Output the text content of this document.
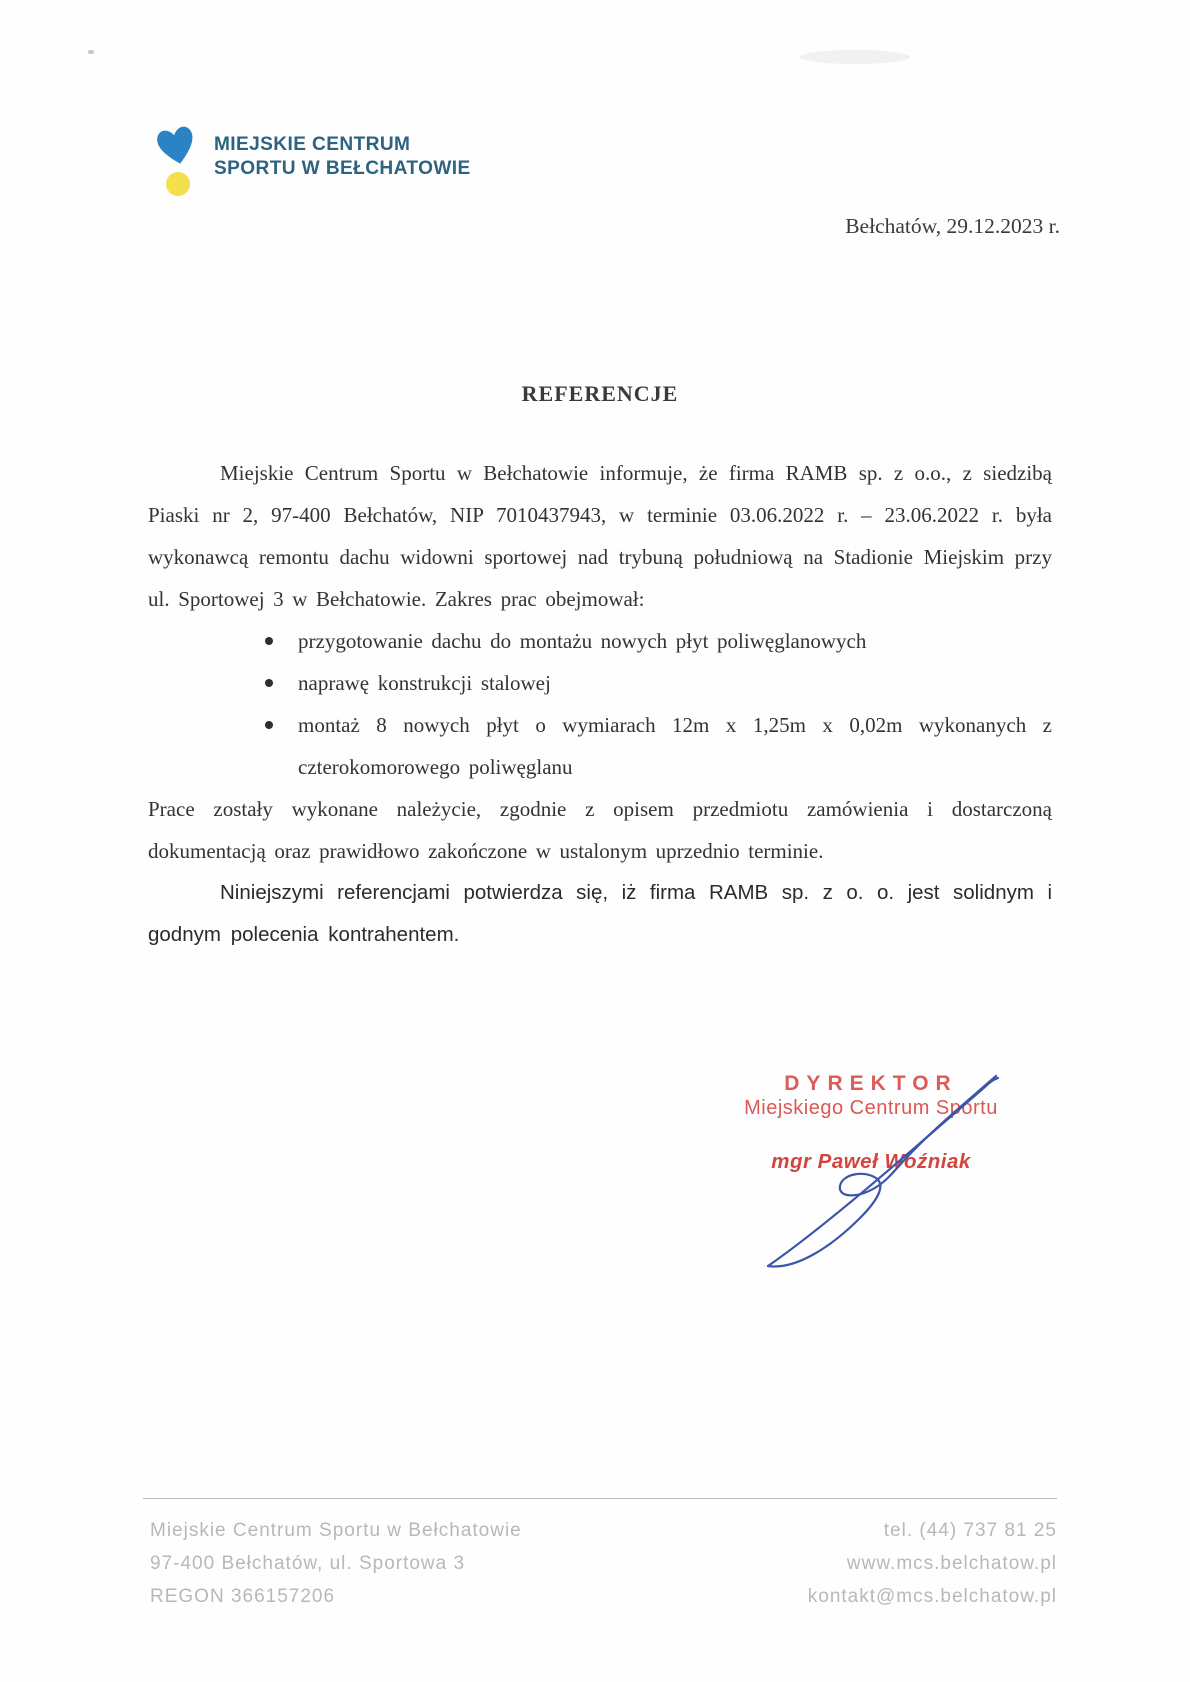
MIEJSKIE CENTRUM
SPORTU W BEŁCHATOWIE
Bełchatów, 29.12.2023 r.
REFERENCJE

Miejskie Centrum Sportu w Bełchatowie informuje, że firma RAMB sp. z o.o., z siedzibą Piaski nr 2, 97-400 Bełchatów, NIP 7010437943, w terminie 03.06.2022 r. – 23.06.2022 r. była wykonawcą remontu dachu widowni sportowej nad trybuną południową na Stadionie Miejskim przy ul. Sportowej 3 w Bełchatowie. Zakres prac obejmował:

przygotowanie dachu do montażu nowych płyt poliwęglanowych
naprawę konstrukcji stalowej
montaż 8 nowych płyt o wymiarach 12m x 1,25m x 0,02m wykonanych z czterokomorowego poliwęglanu

Prace zostały wykonane należycie, zgodnie z opisem przedmiotu zamówienia i dostarczoną dokumentacją oraz prawidłowo zakończone w ustalonym uprzednio terminie.

Niniejszymi referencjami potwierdza się, iż firma RAMB sp. z o. o. jest solidnym i godnym polecenia kontrahentem.

DYREKTOR
Miejskiego Centrum Sportu
mgr Paweł Woźniak
Miejskie Centrum Sportu w Bełchatowie
97-400 Bełchatów, ul. Sportowa 3
REGON 366157206
tel. (44) 737 81 25
www.mcs.belchatow.pl
kontakt@mcs.belchatow.pl
